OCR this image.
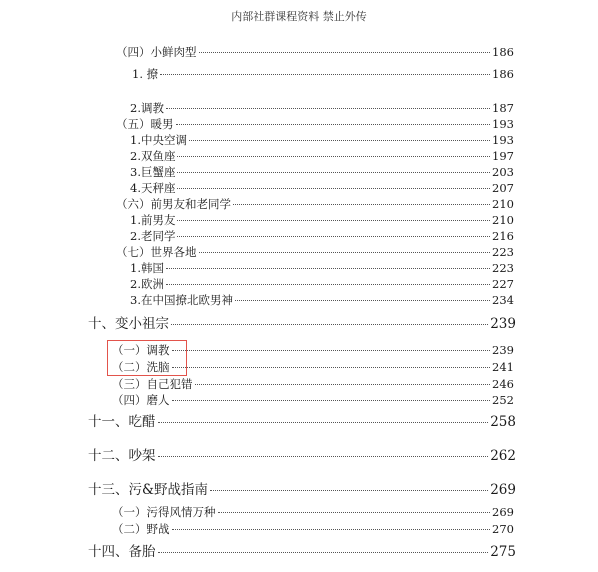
内部社群课程资料 禁止外传
（四）小鲜肉型	186
1. 撩	186
2.调教	187
（五）暖男	193
1.中央空调	193
2.双鱼座	197
3.巨蟹座	203
4.天秤座	207
（六）前男友和老同学	210
1.前男友	210
2.老同学	216
（七）世界各地	223
1.韩国	223
2.欧洲	227
3.在中国撩北欧男神	234
十、变小祖宗	239
（一）调教	239
（二）洗脑	241
（三）自己犯错	246
（四）磨人	252
十一、吃醋	258
十二、吵架	262
十三、污&野战指南	269
（一）污得风情万种	269
（二）野战	270
十四、备胎	275
